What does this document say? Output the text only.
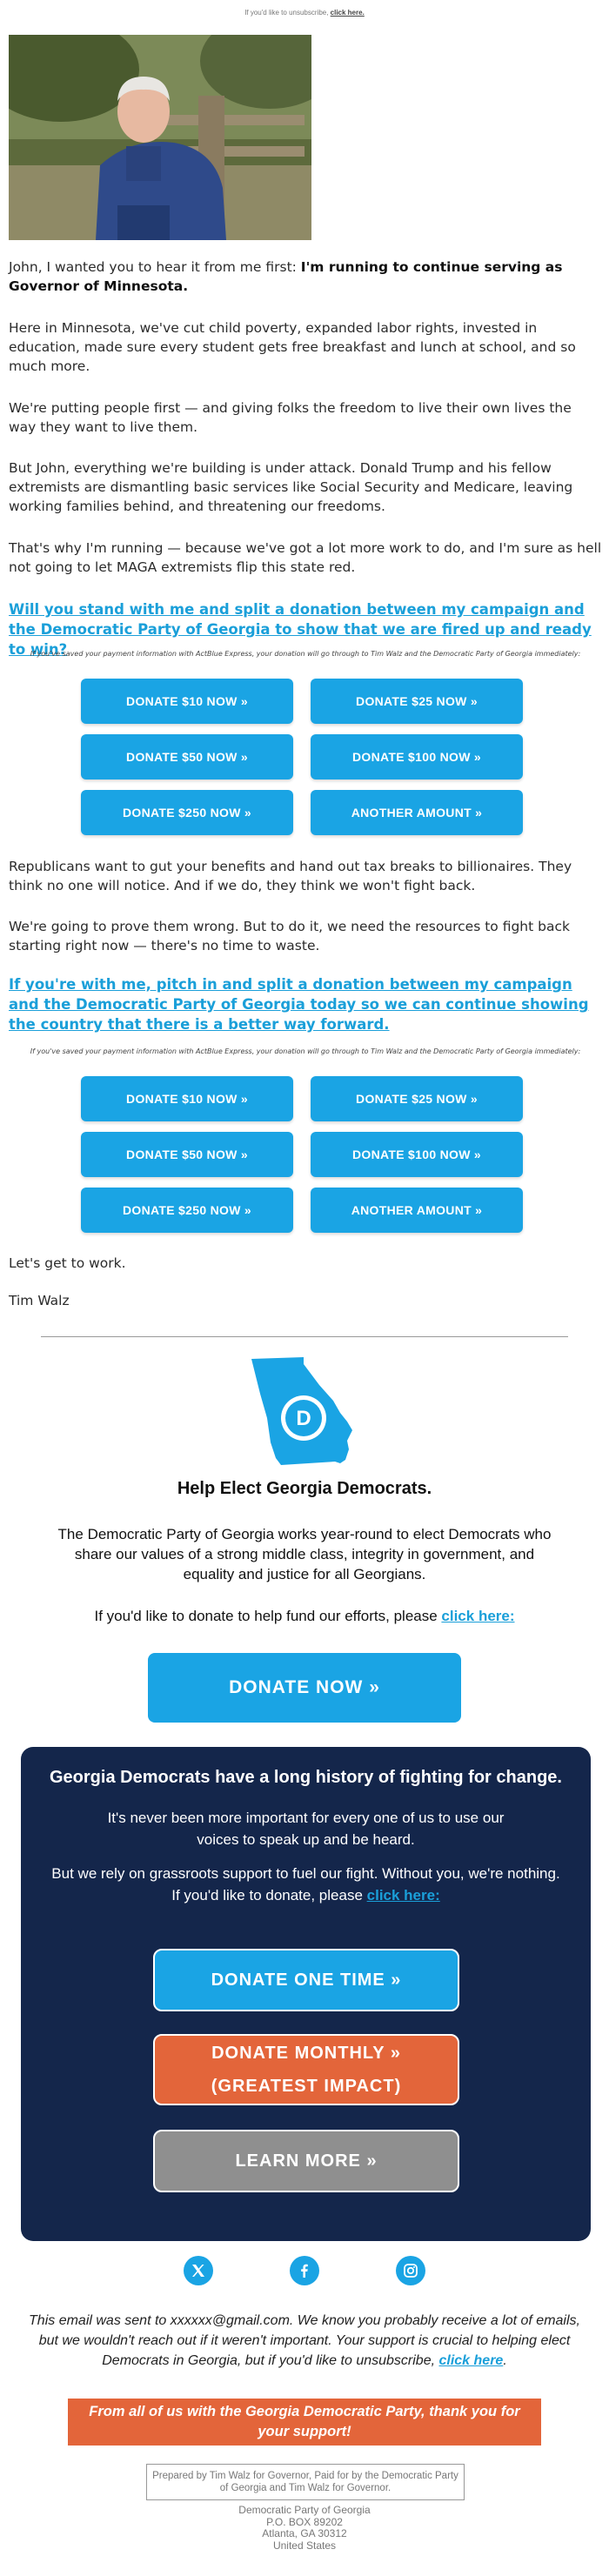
If you'd like to unsubscribe, click here.
John, I wanted you to hear it from me first: I'm running to continue serving as Governor of Minnesota.
Here in Minnesota, we've cut child poverty, expanded labor rights, invested in education, made sure every student gets free breakfast and lunch at school, and so much more.
We're putting people first — and giving folks the freedom to live their own lives the way they want to live them.
But John, everything we're building is under attack. Donald Trump and his fellow extremists are dismantling basic services like Social Security and Medicare, leaving working families behind, and threatening our freedoms.
That's why I'm running — because we've got a lot more work to do, and I'm sure as hell not going to let MAGA extremists flip this state red.
Will you stand with me and split a donation between my campaign and the Democratic Party of Georgia to show that we are fired up and ready to win?
If you've saved your payment information with ActBlue Express, your donation will go through to Tim Walz and the Democratic Party of Georgia immediately:
DONATE $10 NOW »	DONATE $25 NOW »
DONATE $50 NOW »	DONATE $100 NOW »
DONATE $250 NOW »	ANOTHER AMOUNT »
Republicans want to gut your benefits and hand out tax breaks to billionaires. They think no one will notice. And if we do, they think we won't fight back.
We're going to prove them wrong. But to do it, we need the resources to fight back starting right now — there's no time to waste.
If you're with me, pitch in and split a donation between my campaign and the Democratic Party of Georgia today so we can continue showing the country that there is a better way forward.
If you've saved your payment information with ActBlue Express, your donation will go through to Tim Walz and the Democratic Party of Georgia immediately:
DONATE $10 NOW »	DONATE $25 NOW »
DONATE $50 NOW »	DONATE $100 NOW »
DONATE $250 NOW »	ANOTHER AMOUNT »
Let's get to work.
Tim Walz
D
Help Elect Georgia Democrats.

The Democratic Party of Georgia works year-round to elect Democrats who share our values of a strong middle class, integrity in government, and equality and justice for all Georgians.

If you'd like to donate to help fund our efforts, please click here:

DONATE NOW »
Georgia Democrats have a long history of fighting for change.

It's never been more important for every one of us to use our voices to speak up and be heard.

But we rely on grassroots support to fuel our fight. Without you, we're nothing. If you'd like to donate, please click here:

DONATE ONE TIME »
DONATE MONTHLY »
(GREATEST IMPACT)
LEARN MORE »
This email was sent to xxxxxx@gmail.com. We know you probably receive a lot of emails, but we wouldn't reach out if it weren't important. Your support is crucial to helping elect Democrats in Georgia, but if you'd like to unsubscribe, click here.
From all of us with the Georgia Democratic Party, thank you for your support!
Prepared by Tim Walz for Governor, Paid for by the Democratic Party of Georgia and Tim Walz for Governor.
Democratic Party of Georgia
P.O. BOX 89202
Atlanta, GA 30312
United States
